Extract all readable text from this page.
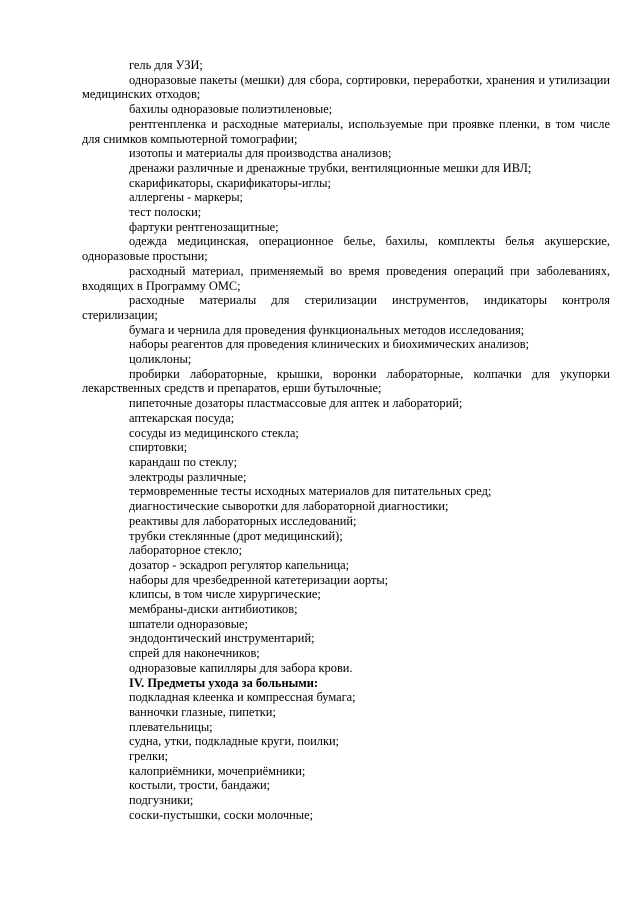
гель для УЗИ;

одноразовые пакеты (мешки) для сбора, сортировки, переработки, хранения и утилизации медицинских отходов;

бахилы одноразовые полиэтиленовые;

рентгенпленка и расходные материалы, используемые при проявке пленки, в том числе для снимков компьютерной томографии;

изотопы и материалы для производства анализов;

дренажи различные и дренажные трубки, вентиляционные мешки для ИВЛ;

скарификаторы, скарификаторы-иглы;

аллергены - маркеры;

тест полоски;

фартуки рентгенозащитные;

одежда медицинская, операционное белье, бахилы, комплекты белья акушерские, одноразовые простыни;

расходный материал, применяемый во время проведения операций при заболеваниях, входящих в Программу ОМС;

расходные материалы для стерилизации инструментов, индикаторы контроля стерилизации;

бумага и чернила для проведения функциональных методов исследования;

наборы реагентов для проведения клинических и биохимических анализов;

цоликлоны;

пробирки лабораторные, крышки, воронки лабораторные, колпачки для укупорки лекарственных средств и препаратов, ерши бутылочные;

пипеточные дозаторы пластмассовые для аптек и лабораторий;

аптекарская посуда;

сосуды из медицинского стекла;

спиртовки;

карандаш по стеклу;

электроды различные;

термовременные тесты исходных материалов для питательных сред;

диагностические сыворотки для лабораторной диагностики;

реактивы для лабораторных исследований;

трубки стеклянные (дрот медицинский);

лабораторное стекло;

дозатор - эскадроп регулятор капельница;

наборы для чрезбедренной катетеризации аорты;

клипсы, в том числе хирургические;

мембраны-диски антибиотиков;

шпатели одноразовые;

эндодонтический инструментарий;

спрей для наконечников;

одноразовые капилляры для забора крови.

IV. Предметы ухода за больными:

подкладная клеенка и компрессная бумага;

ванночки глазные, пипетки;

плевательницы;

судна, утки, подкладные круги, поилки;

грелки;

калоприёмники, мочеприёмники;

костыли, трости, бандажи;

подгузники;

соски-пустышки, соски молочные;
